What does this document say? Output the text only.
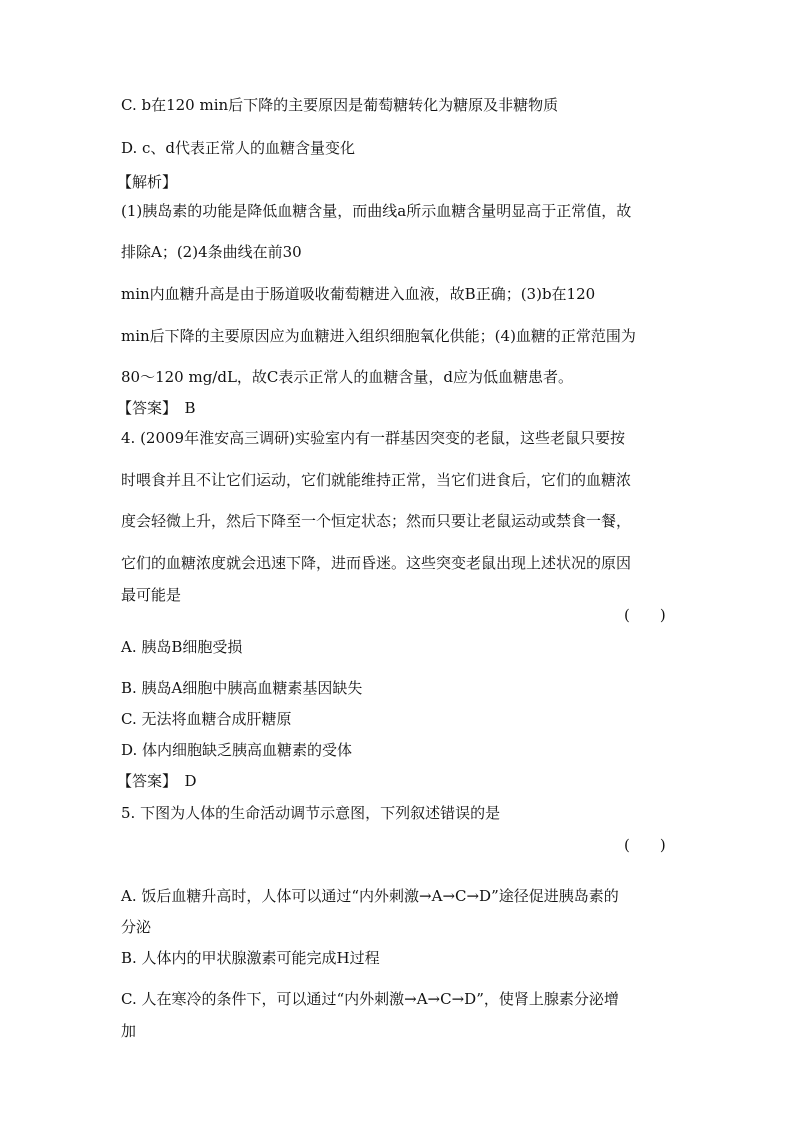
C. b在120 min后下降的主要原因是葡萄糖转化为糖原及非糖物质
D. c、d代表正常人的血糖含量变化
【解析】
(1)胰岛素的功能是降低血糖含量，而曲线a所示血糖含量明显高于正常值，故
排除A；(2)4条曲线在前30
min内血糖升高是由于肠道吸收葡萄糖进入血液，故B正确；(3)b在120
min后下降的主要原因应为血糖进入组织细胞氧化供能；(4)血糖的正常范围为
80～120 mg/dL，故C表示正常人的血糖含量，d应为低血糖患者。
【答案】　B
4. (2009年淮安高三调研)实验室内有一群基因突变的老鼠，这些老鼠只要按
时喂食并且不让它们运动，它们就能维持正常，当它们进食后，它们的血糖浓
度会轻微上升，然后下降至一个恒定状态；然而只要让老鼠运动或禁食一餐，
它们的血糖浓度就会迅速下降，进而昏迷。这些突变老鼠出现上述状况的原因
最可能是
(　　)
A. 胰岛B细胞受损
B. 胰岛A细胞中胰高血糖素基因缺失
C. 无法将血糖合成肝糖原
D. 体内细胞缺乏胰高血糖素的受体
【答案】　D
5. 下图为人体的生命活动调节示意图，下列叙述错误的是
(　　)
A. 饭后血糖升高时，人体可以通过“内外刺激→A→C→D”途径促进胰岛素的
分泌
B. 人体内的甲状腺激素可能完成H过程
C. 人在寒冷的条件下，可以通过“内外刺激→A→C→D”，使肾上腺素分泌增
加
